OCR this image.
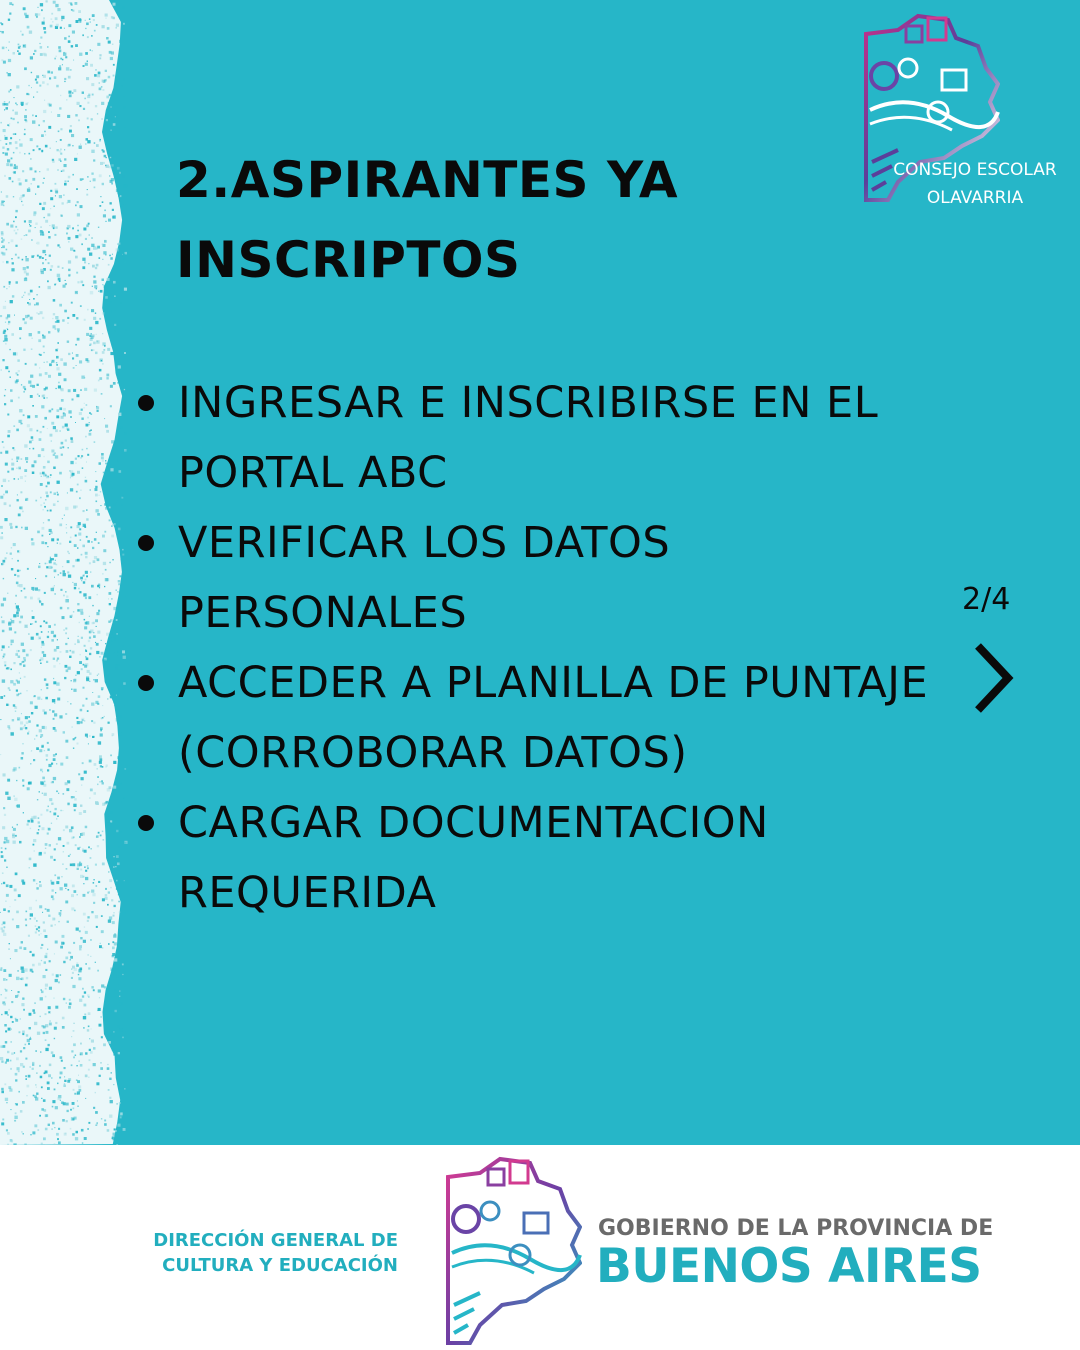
2.ASPIRANTES YA INSCRIPTOS
INGRESAR E INSCRIBIRSE EN EL PORTAL ABC
VERIFICAR LOS DATOS PERSONALES
ACCEDER A PLANILLA DE PUNTAJE (CORROBORAR DATOS)
CARGAR DOCUMENTACION REQUERIDA
2/4
CONSEJO ESCOLAR
OLAVARRIA
DIRECCIÓN GENERAL DE
CULTURA Y EDUCACIÓN
GOBIERNO DE LA PROVINCIA DE
BUENOS AIRES
